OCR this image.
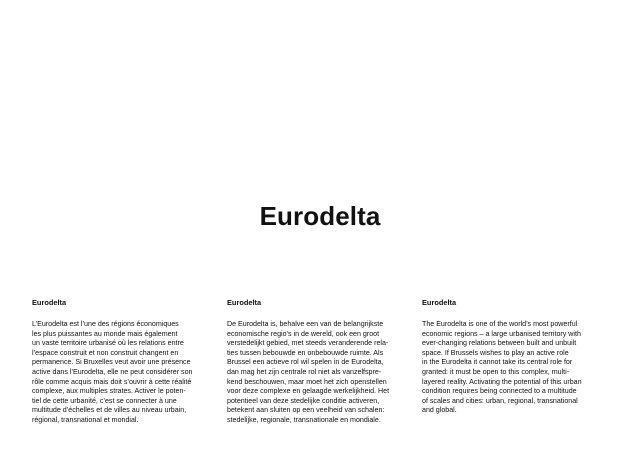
Eurodelta
Eurodelta
L’Eurodelta est l’une des régions économiques
les plus puissantes au monde mais également
un vaste territoire urbanisé où les relations entre
l’espace construit et non construit changent en
permanence. Si Bruxelles veut avoir une présence
active dans l’Eurodelta, elle ne peut considérer son
rôle comme acquis mais doit s’ouvrir à cette réalité
complexe, aux multiples strates. Activer le poten-
tiel de cette urbanité, c’est se connecter à une
multitude d’échelles et de villes au niveau urbain,
régional, transnational et mondial.
Eurodelta
De Eurodelta is, behalve een van de belangrijkste
economische regio’s in de wereld, ook een groot
verstedelijkt gebied, met steeds veranderende rela-
ties tussen bebouwde en onbebouwde ruimte. Als
Brussel een actieve rol wil spelen in de Eurodelta,
dan mag het zijn centrale rol niet als vanzelfspre-
kend beschouwen, maar moet het zich openstellen
voor deze complexe en gelaagde werkelijkheid. Het
potentieel van deze stedelijke conditie activeren,
betekent aan sluiten op een veelheid van schalen:
stedelijke, regionale, transnationale en mondiale.
Eurodelta
The Eurodelta is one of the world’s most powerful
economic regions – a large urbanised territory with
ever-changing relations between built and unbuilt
space. If Brussels wishes to play an active role
in the Eurodelta it cannot take its central role for
granted: it must be open to this complex, multi-
layered reality. Activating the potential of this urban
condition requires being connected to a multitude
of scales and cities: urban, regional, transnational
and global.
